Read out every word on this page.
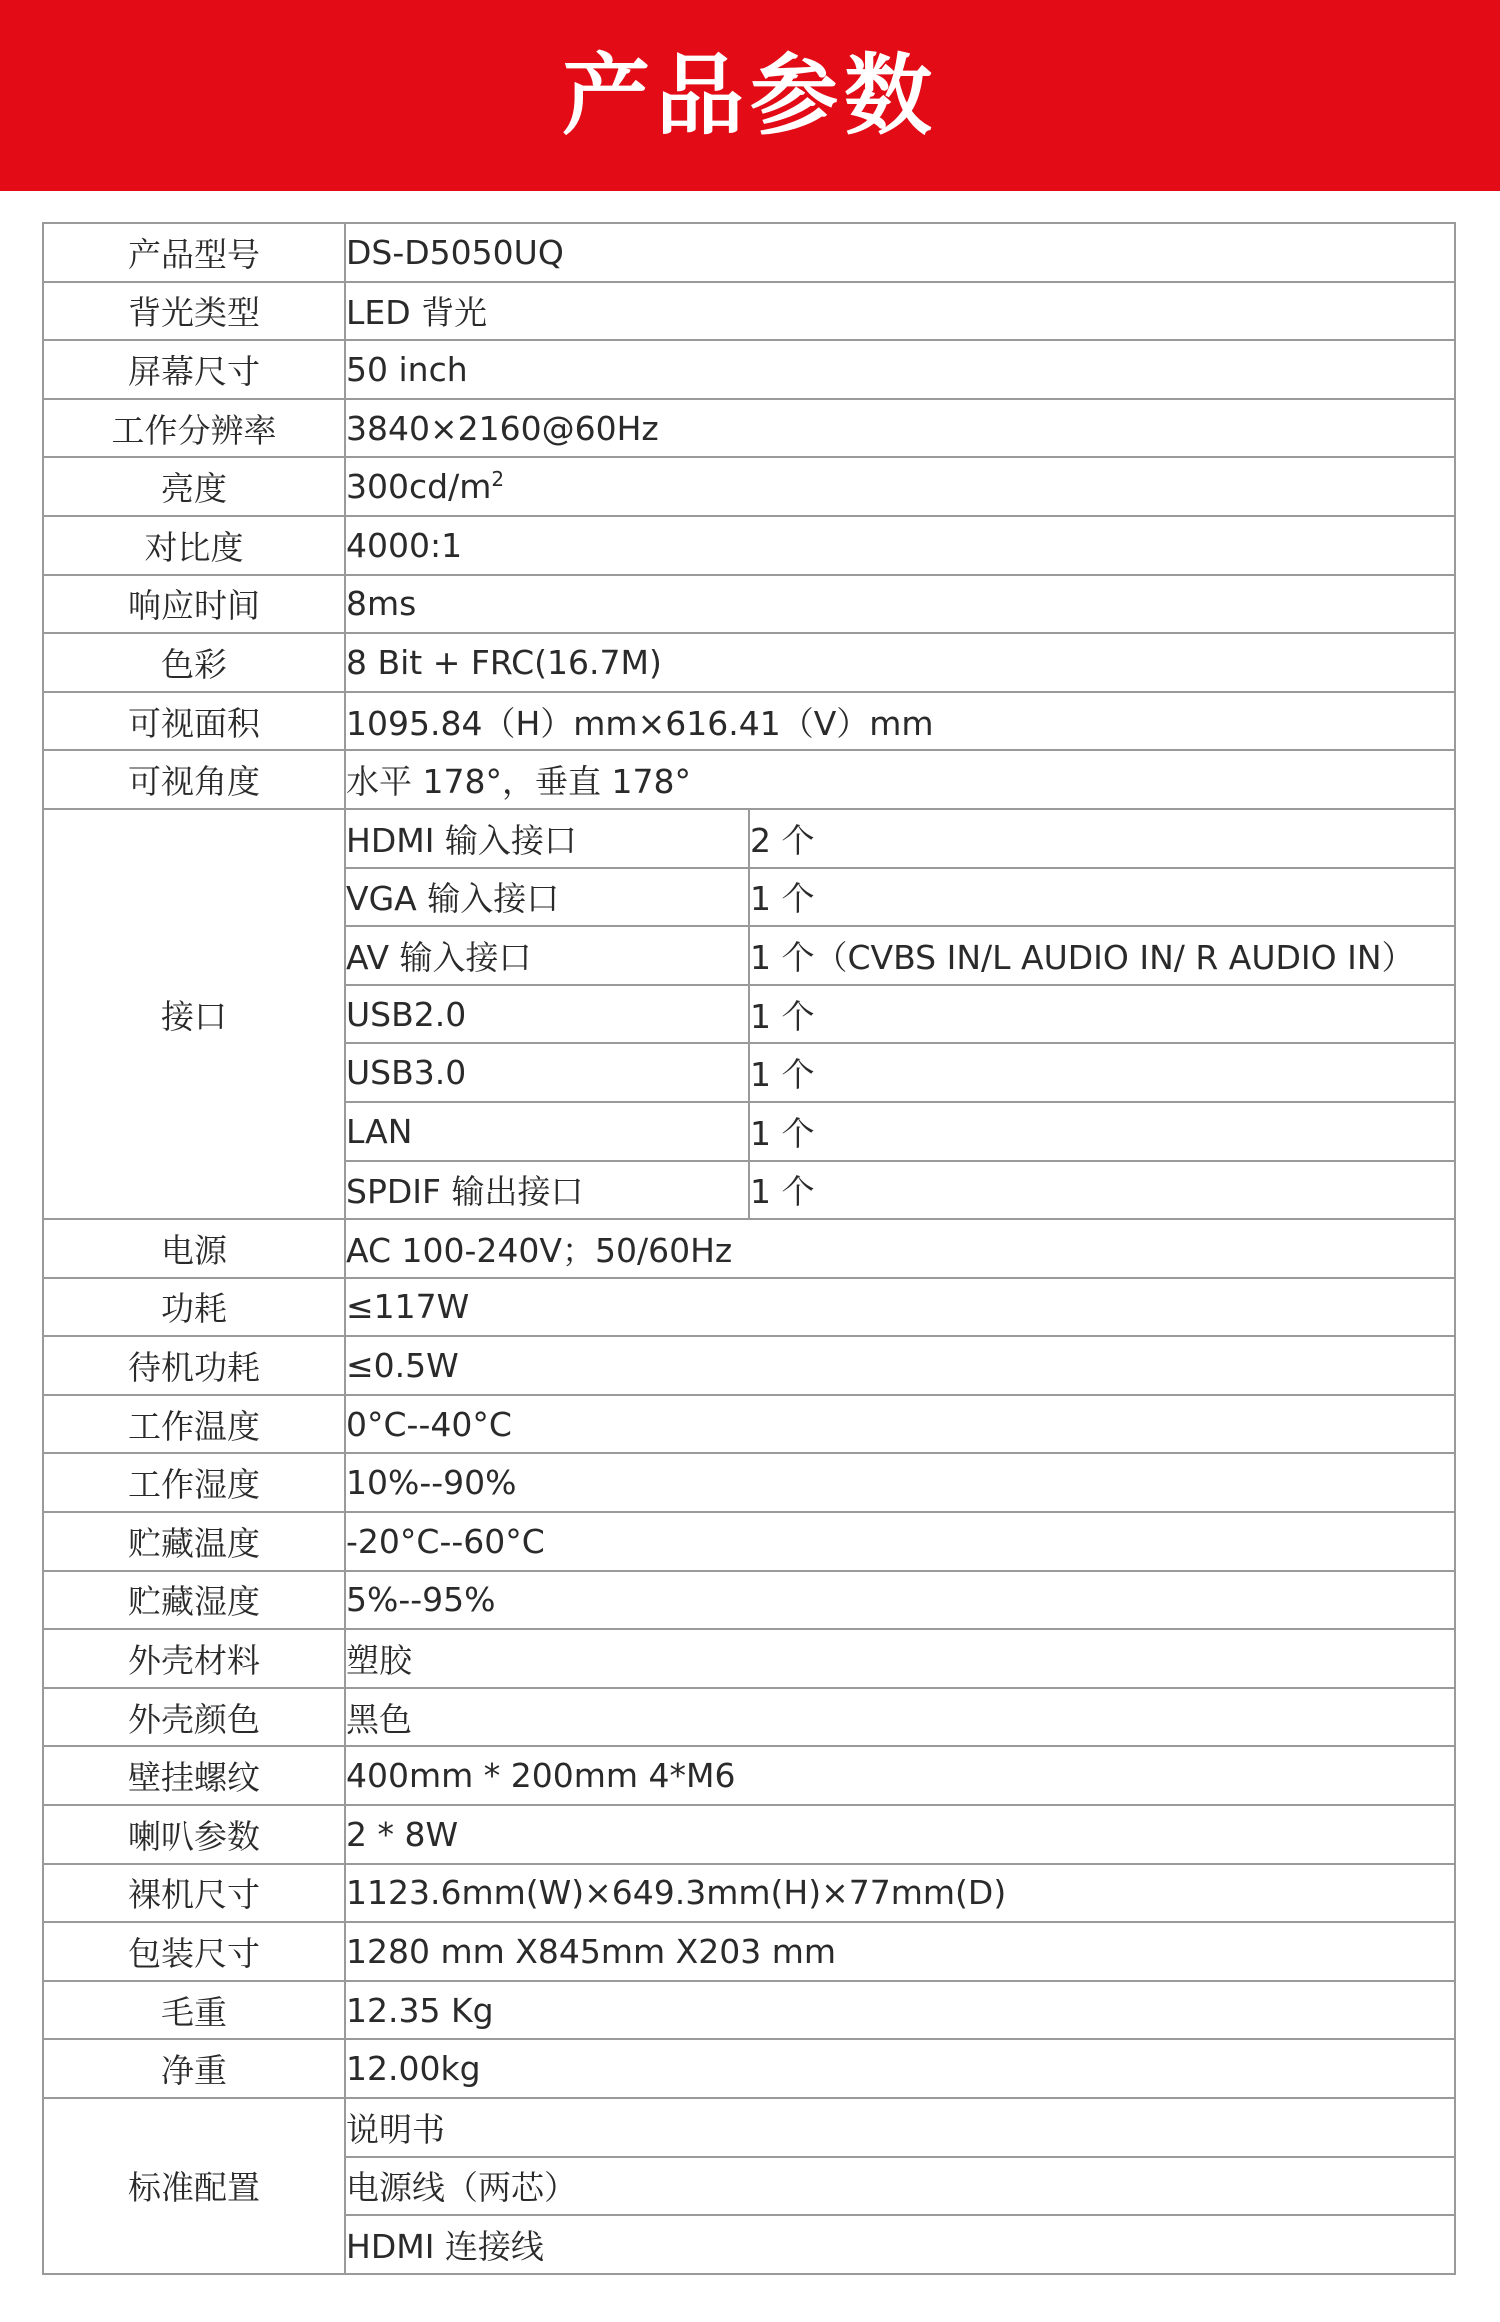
产品参数
产品型号	DS-D5050UQ	
背光类型	LED 背光	
屏幕尺寸	50 inch	
工作分辨率	3840×2160@60Hz	
亮度	$300cd/m^2$
对比度	4000:1	
响应时间	8ms	
色彩	8 Bit + FRC(16.7M)	
可视面积	1095.84（H）mm×616.41（V）mm	
可视角度	水平 178°，垂直 178°	
接口	HDMI 输入接口	2 个
	VGA 输入接口	1 个
	AV 输入接口	1 个（CVBS IN/L AUDIO IN/ R AUDIO IN）
	USB2.0	1 个
	USB3.0	1 个
	LAN	1 个
	SPDIF 输出接口	1 个
电源	AC 100-240V；50/60Hz	
功耗	≤117W	
待机功耗	≤0.5W	
工作温度	0°C--40°C	
工作湿度	10%--90%	
贮藏温度	-20°C--60°C	
贮藏湿度	5%--95%	
外壳材料	塑胶	
外壳颜色	黑色	
壁挂螺纹	400mm * 200mm 4*M6	
喇叭参数	2 * 8W	
裸机尺寸	1123.6mm(W)×649.3mm(H)×77mm(D)	
包装尺寸	1280 mm X845mm X203 mm	
毛重	12.35 Kg	
净重	12.00kg	
标准配置	说明书	
	电源线（两芯）	
	HDMI 连接线	
